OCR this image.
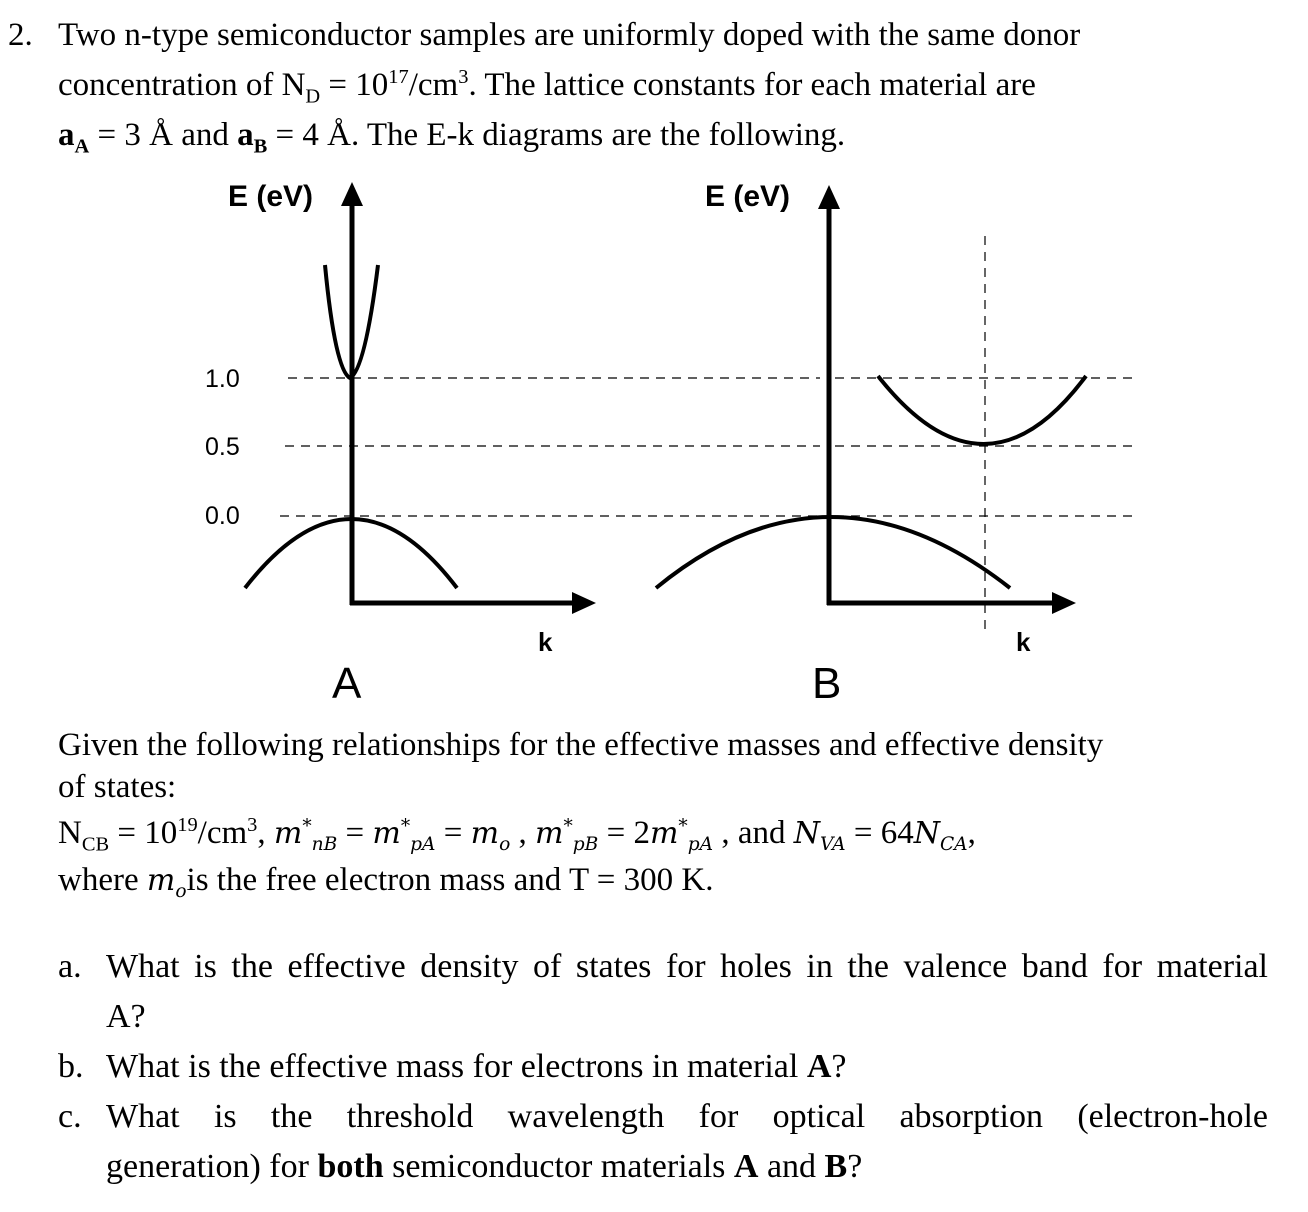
2. Two n-type semiconductor samples are uniformly doped with the same donor
concentration of $N_D = 10^{17}/cm^3$. The lattice constants for each material are
$a_A = 3$ Å and $a_B = 4$ Å. The E-k diagrams are the following.
E (eV)	E (eV)
1.0
0.5
0.0
k	k
A	B
Given the following relationships for the effective masses and effective density
of states:
$N_{CB} = 10^{19}/cm^3$, $m^*_{nB} = m^*_{pA} = m_o$ , $m^*_{pB} = 2m^*_{pA}$ , and $N_{VA} = 64N_{CA}$,
where $m_ois$ the free electron mass and T = 300 K.
a. What is the effective density of states for holes in the valence band for material
A?
b. What is the effective mass for electrons in material A?
c. What is the threshold wavelength for optical absorption (electron-hole
generation) for both semiconductor materials A and B?
